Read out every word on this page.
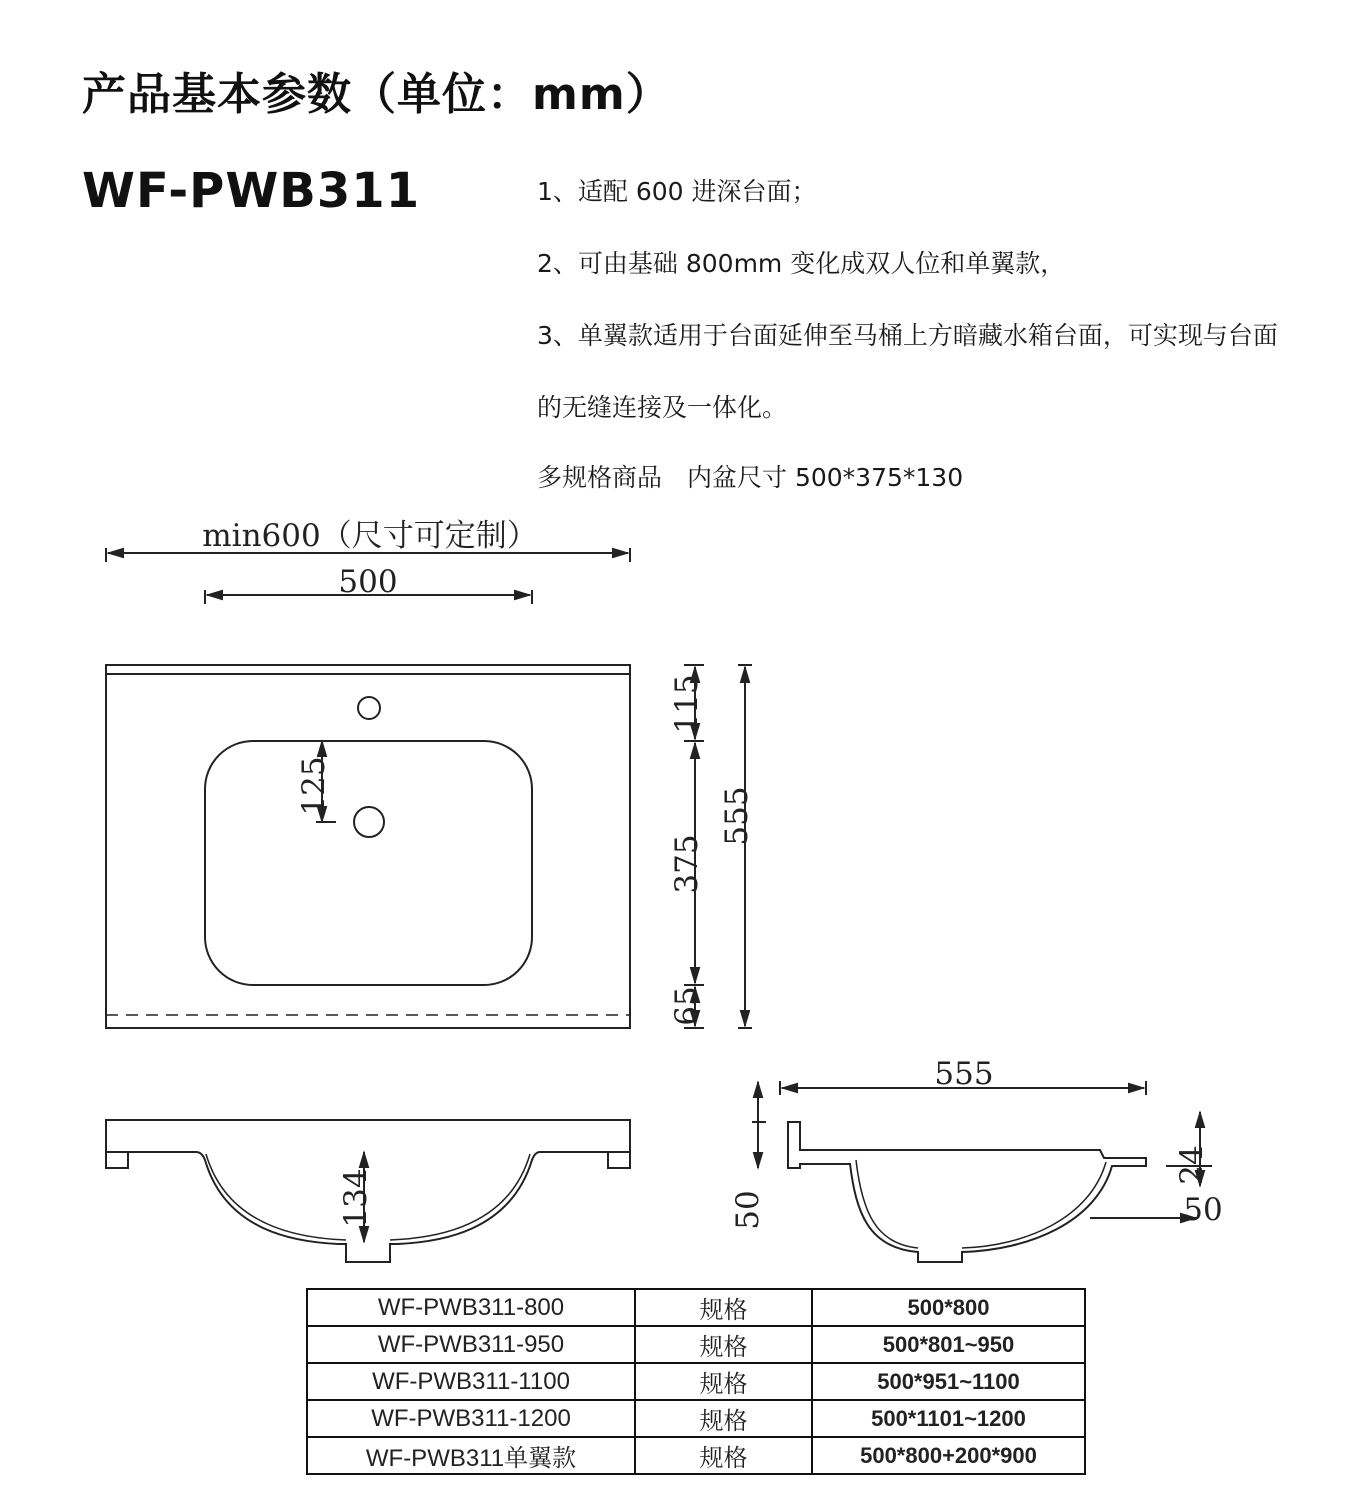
产品基本参数（单位：mm）
WF-PWB311	1、适配 600 进深台面；
2、可由基础 800mm 变化成双人位和单翼款，
3、单翼款适用于台面延伸至马桶上方暗藏水箱台面，可实现与台面
的无缝连接及一体化。
多规格商品　内盆尺寸 500*375*130
min600（尺寸可定制）
500
125
115
375
65
555
134
555
50
24
50
WF-PWB311-800	规格	500*800
WF-PWB311-950	规格	500*801~950
WF-PWB311-1100	规格	500*951~1100
WF-PWB311-1200	规格	500*1101~1200
WF-PWB311单翼款	规格	500*800+200*900
